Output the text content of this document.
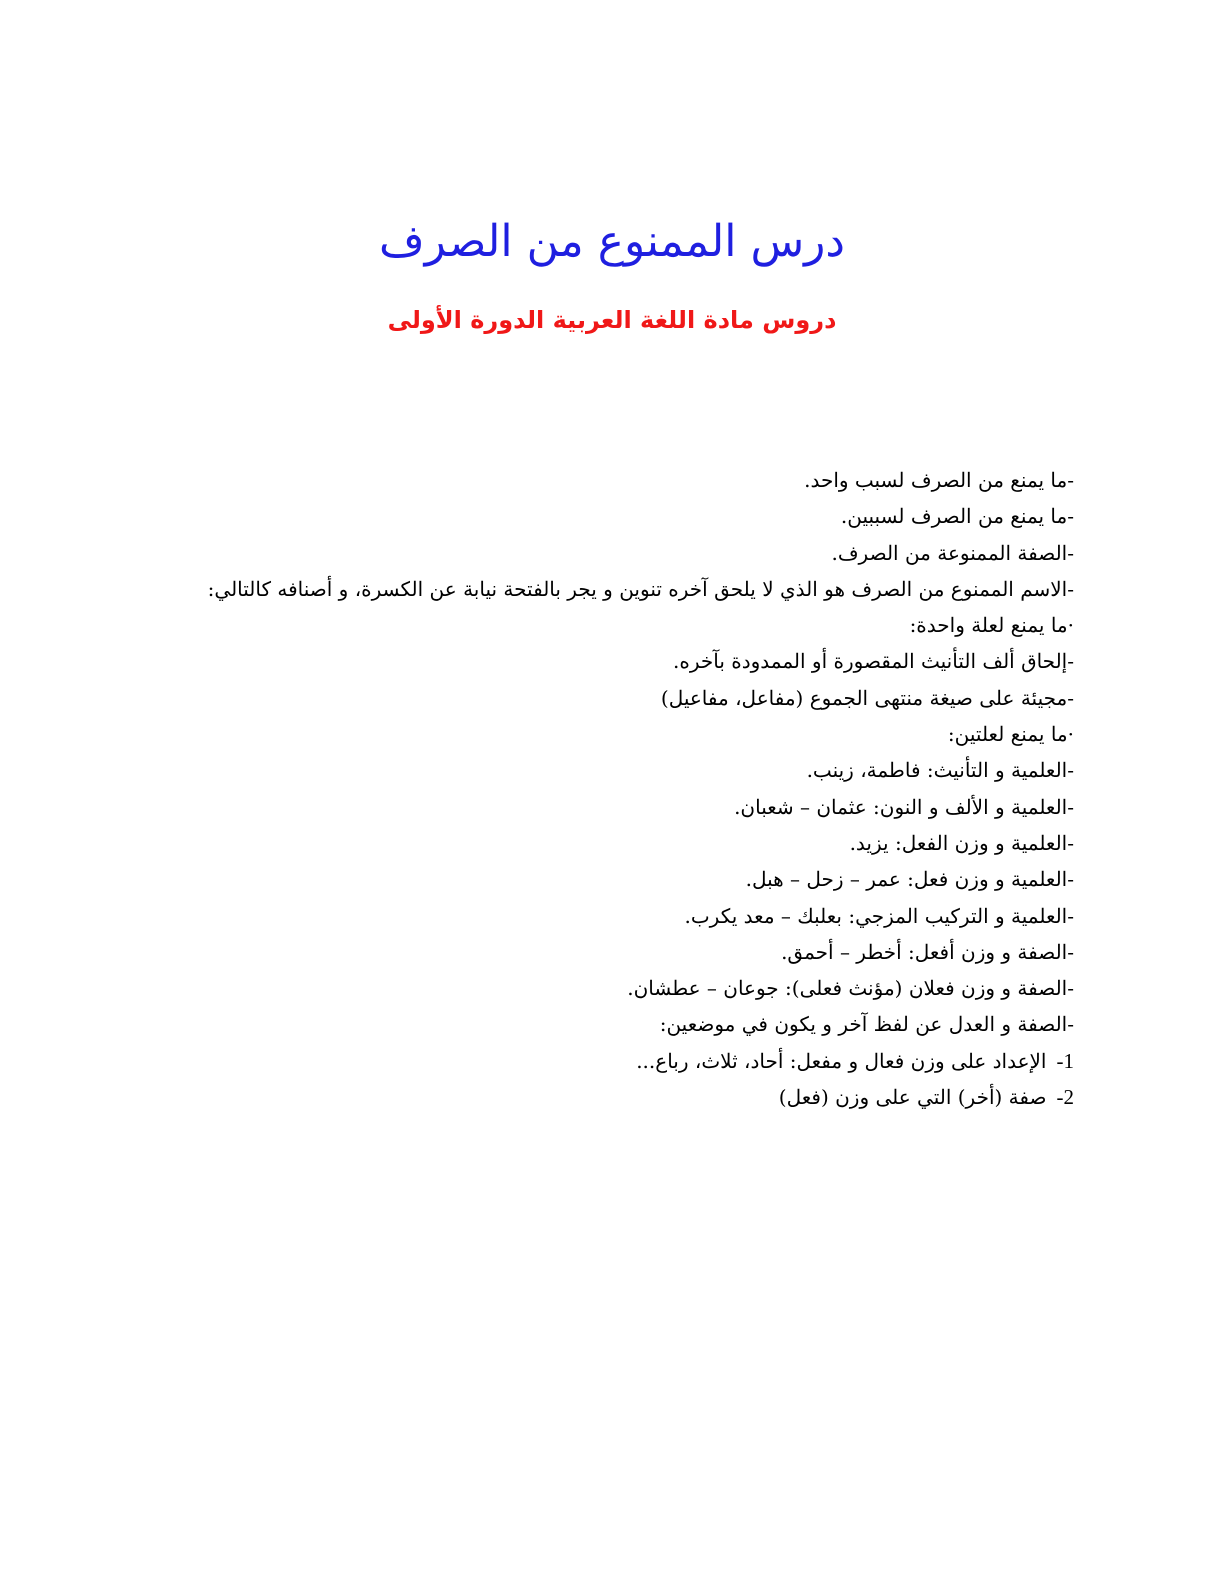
درس الممنوع من الصرف
دروس مادة اللغة العربية الدورة الأولى
-ما يمنع من الصرف لسبب واحد.
-ما يمنع من الصرف لسببين.
-الصفة الممنوعة من الصرف.
-الاسم الممنوع من الصرف هو الذي لا يلحق آخره تنوين و يجر بالفتحة نيابة عن الكسرة، و أصنافه كالتالي:
·ما يمنع لعلة واحدة:
-إلحاق ألف التأنيث المقصورة أو الممدودة بآخره.
-مجيئة على صيغة منتهى الجموع (مفاعل، مفاعيل)
·ما يمنع لعلتين:
-العلمية و التأنيث: فاطمة، زينب.
-العلمية و الألف و النون: عثمان – شعبان.
-العلمية و وزن الفعل: يزيد.
-العلمية و وزن فعل: عمر – زحل – هبل.
-العلمية و التركيب المزجي: بعلبك – معد يكرب.
-الصفة و وزن أفعل: أخطر – أحمق.
-الصفة و وزن فعلان (مؤنث فعلى): جوعان – عطشان.
-الصفة و العدل عن لفظ آخر و يكون في موضعين:
1-الإعداد على وزن فعال و مفعل: أحاد، ثلاث، رباع...
2-صفة (أخر) التي على وزن (فعل)
